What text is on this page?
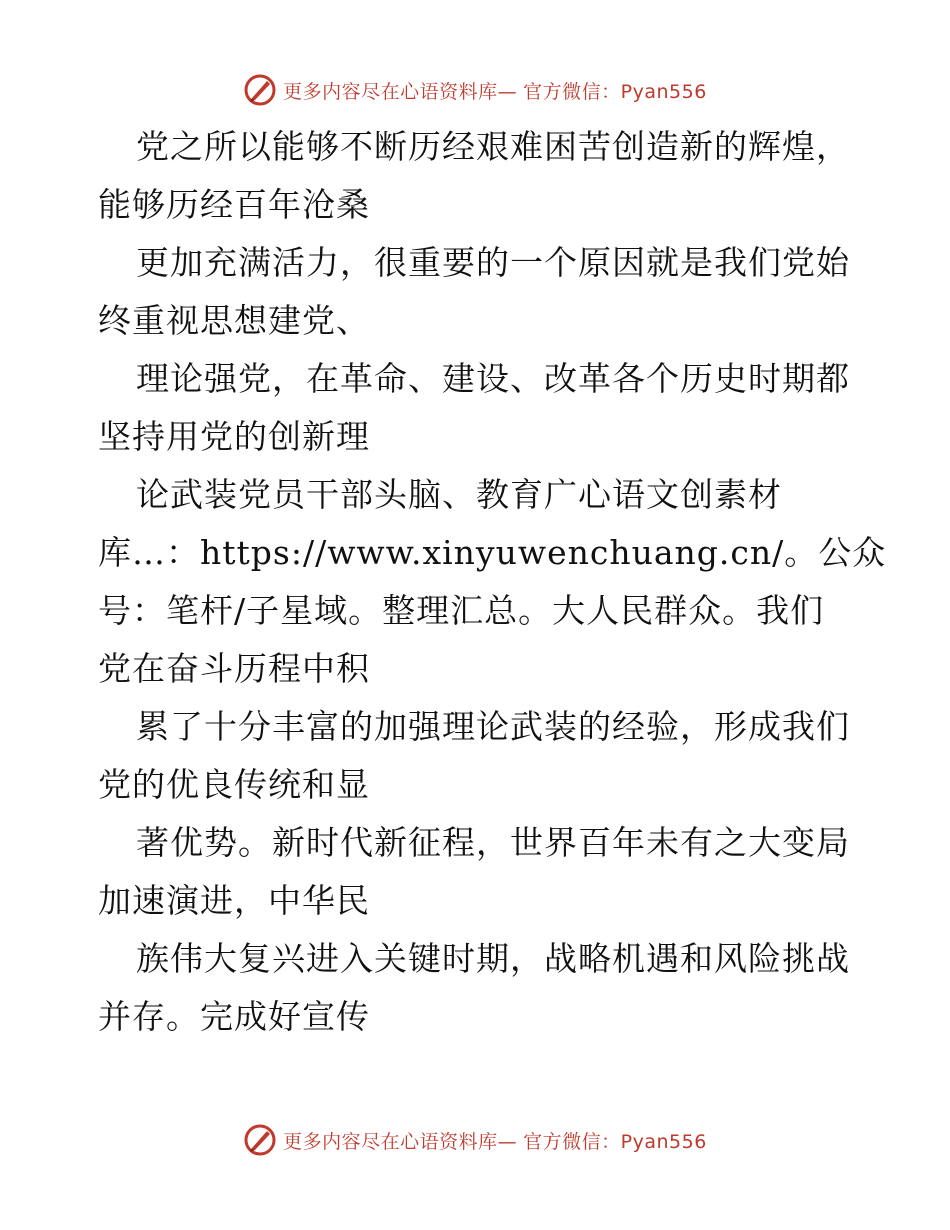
更多内容尽在心语资料库— 官方微信：Pyan556
党之所以能够不断历经艰难困苦创造新的辉煌，
能够历经百年沧桑
更加充满活力，很重要的一个原因就是我们党始
终重视思想建党、
理论强党，在革命、建设、改革各个历史时期都
坚持用党的创新理
论武装党员干部头脑、教育广心语文创素材
库…：https://www.xinyuwenchuang.cn/。公众
号：笔杆/子星域。整理汇总。大人民群众。我们
党在奋斗历程中积
累了十分丰富的加强理论武装的经验，形成我们
党的优良传统和显
著优势。新时代新征程，世界百年未有之大变局
加速演进，中华民
族伟大复兴进入关键时期，战略机遇和风险挑战
并存。完成好宣传
更多内容尽在心语资料库— 官方微信：Pyan556
